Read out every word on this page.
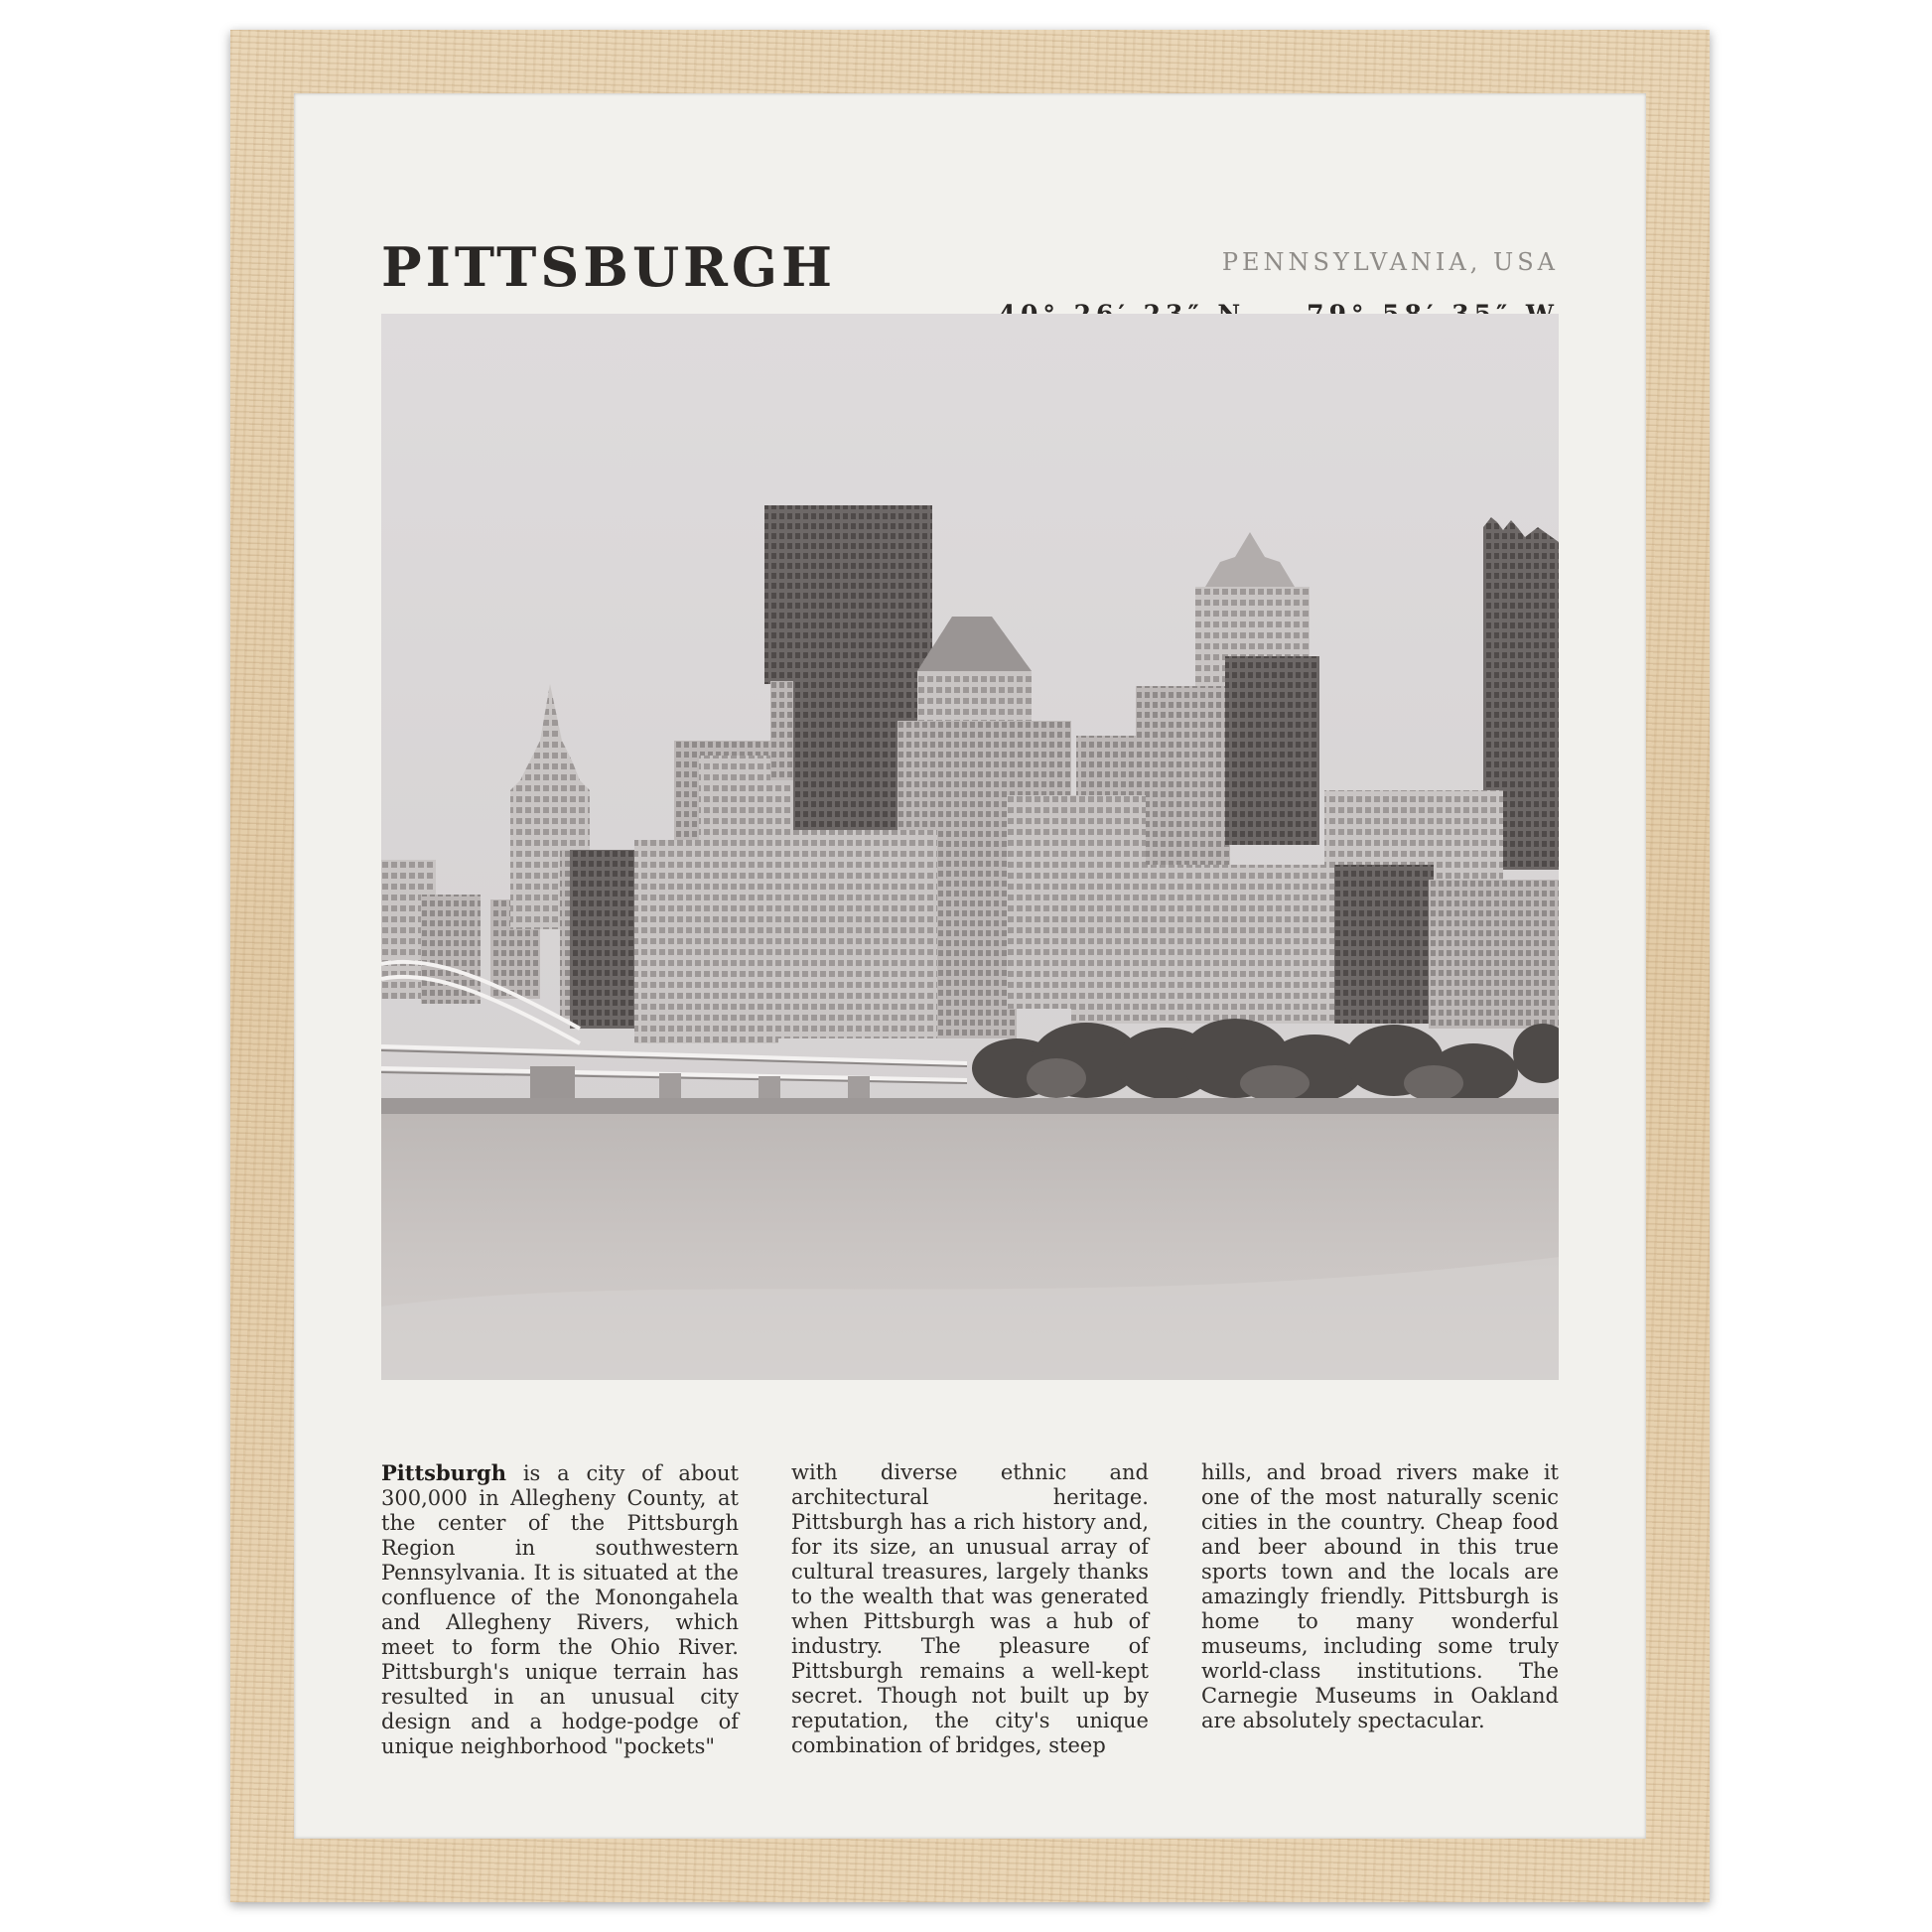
PITTSBURGH	PENNSYLVANIA, USA
Pittsburgh is a city of about 300,000 in Allegheny County, at the center of the Pittsburgh Region in southwestern Pennsylvania. It is situated at the confluence of the Monongahela and Allegheny Rivers, which meet to form the Ohio River. Pittsburgh's unique terrain has resulted in an unusual city design and a hodge-podge of unique neighborhood "pockets"
with diverse ethnic and architectural heritage. Pittsburgh has a rich history and, for its size, an unusual array of cultural treasures, largely thanks to the wealth that was generated when Pittsburgh was a hub of industry. The pleasure of Pittsburgh remains a well-kept secret. Though not built up by reputation, the city's unique combination of bridges, steep
hills, and broad rivers make it one of the most naturally scenic cities in the country. Cheap food and beer abound in this true sports town and the locals are amazingly friendly. Pittsburgh is home to many wonderful museums, including some truly world-class institutions. The Carnegie Museums in Oakland are absolutely spectacular.
